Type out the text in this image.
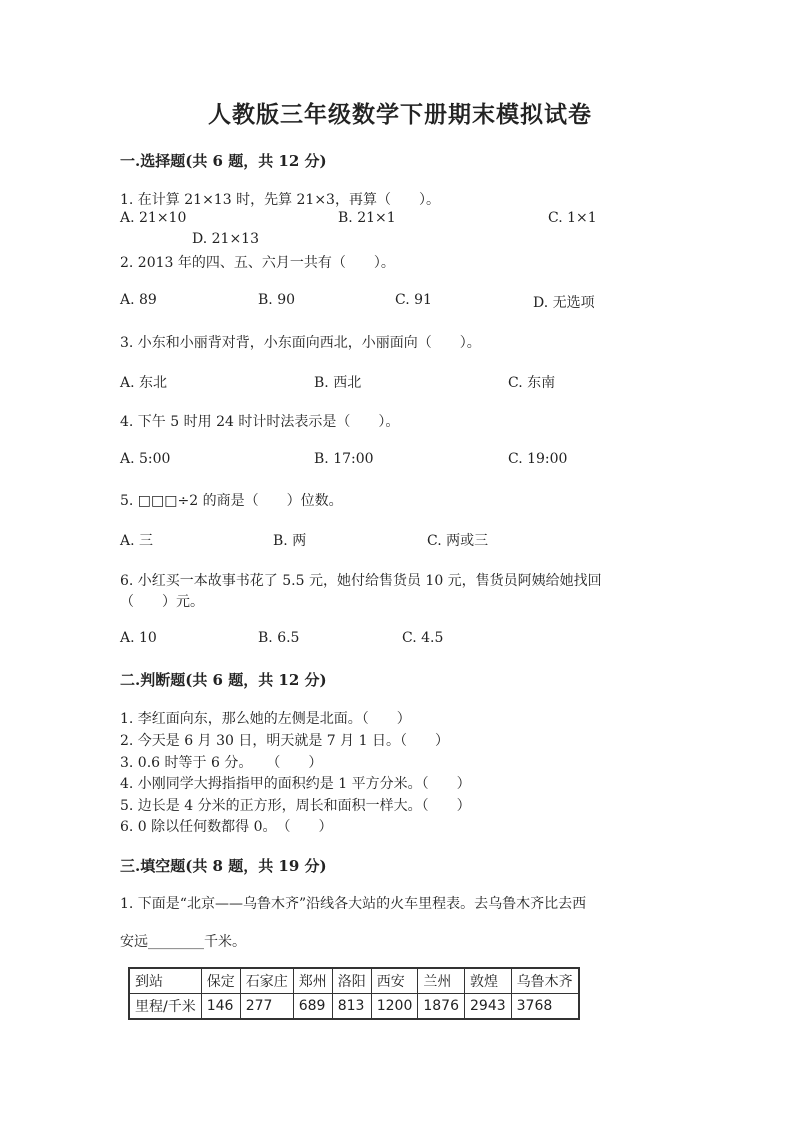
人教版三年级数学下册期末模拟试卷
一.选择题(共 6 题，共 12 分)
1. 在计算 21×13 时，先算 21×3，再算（　　）。
A. 21×10	B. 21×1	C. 1×1
D. 21×13
2. 2013 年的四、五、六月一共有（　　）。
A. 89	B. 90	C. 91	D. 无选项
3. 小东和小丽背对背，小东面向西北，小丽面向（　　）。
A. 东北	B. 西北	C. 东南
4. 下午 5 时用 24 时计时法表示是（　　）。
A. 5:00	B. 17:00	C. 19:00
5. □□□÷2 的商是（　　）位数。
A. 三	B. 两	C. 两或三
6. 小红买一本故事书花了 5.5 元，她付给售货员 10 元，售货员阿姨给她找回
（　　）元。
A. 10	B. 6.5	C. 4.5
二.判断题(共 6 题，共 12 分)
1. 李红面向东，那么她的左侧是北面。（　　）
2. 今天是 6 月 30 日，明天就是 7 月 1 日。（　　）
3. 0.6 时等于 6 分。　　（　　）
4. 小刚同学大拇指指甲的面积约是 1 平方分米。（　　）
5. 边长是 4 分米的正方形，周长和面积一样大。（　　）
6. 0 除以任何数都得 0。　（　　）
三.填空题(共 8 题，共 19 分)
1. 下面是“北京——乌鲁木齐”沿线各大站的火车里程表。去乌鲁木齐比去西
安远________千米。
到站	保定	石家庄	郑州	洛阳	西安	兰州	敦煌	乌鲁木齐
里程/千米	146	277	689	813	1200	1876	2943	3768
